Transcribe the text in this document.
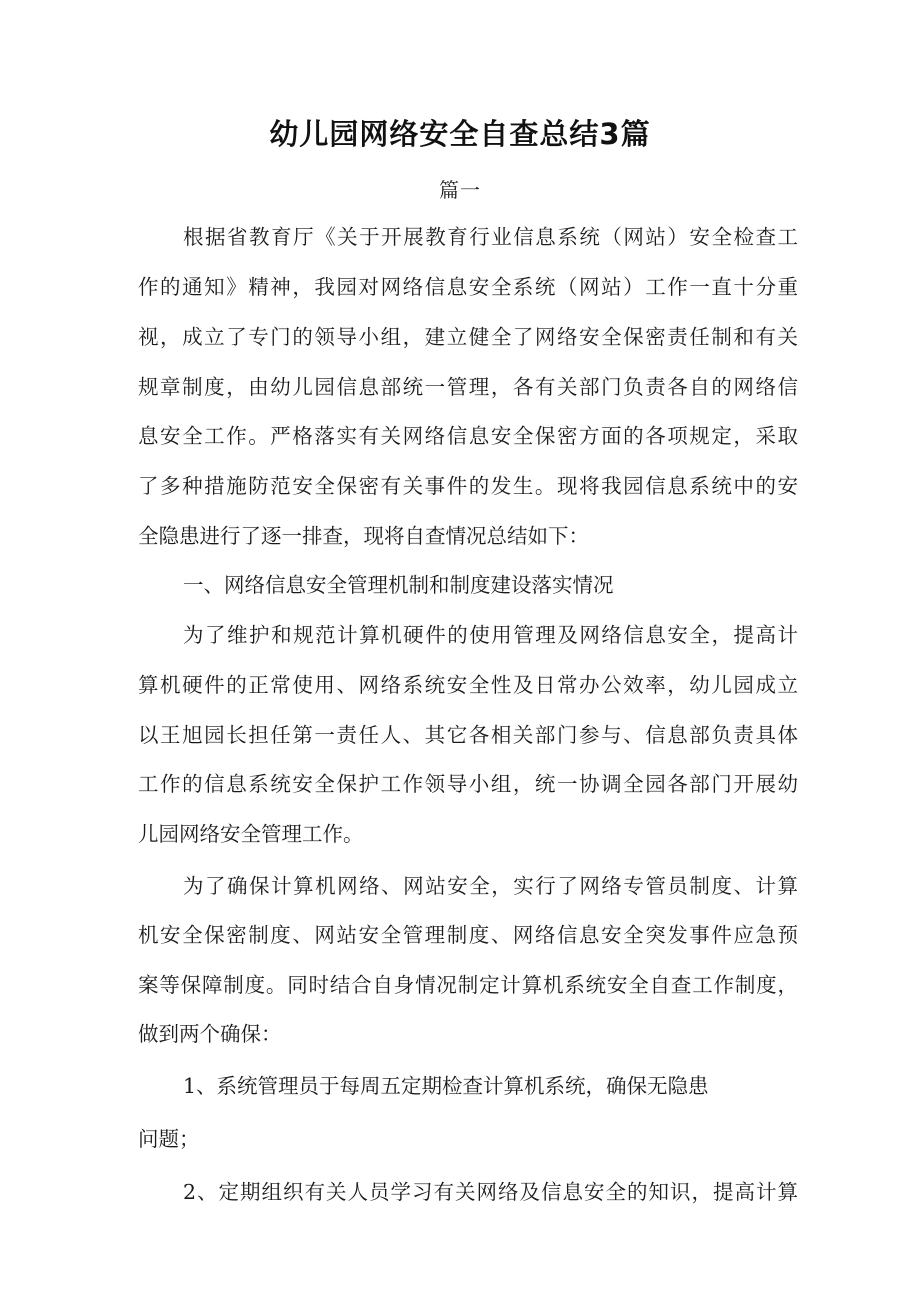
幼儿园网络安全自查总结3篇
篇一
根据省教育厅《关于开展教育行业信息系统（网站）安全检查工
作的通知》精神，我园对网络信息安全系统（网站）工作一直十分重
视，成立了专门的领导小组，建立健全了网络安全保密责任制和有关
规章制度，由幼儿园信息部统一管理，各有关部门负责各自的网络信
息安全工作。严格落实有关网络信息安全保密方面的各项规定，采取
了多种措施防范安全保密有关事件的发生。现将我园信息系统中的安
全隐患进行了逐一排查，现将自查情况总结如下：
一、网络信息安全管理机制和制度建设落实情况
为了维护和规范计算机硬件的使用管理及网络信息安全，提高计
算机硬件的正常使用、网络系统安全性及日常办公效率，幼儿园成立
以王旭园长担任第一责任人、其它各相关部门参与、信息部负责具体
工作的信息系统安全保护工作领导小组，统一协调全园各部门开展幼
儿园网络安全管理工作。
为了确保计算机网络、网站安全，实行了网络专管员制度、计算
机安全保密制度、网站安全管理制度、网络信息安全突发事件应急预
案等保障制度。同时结合自身情况制定计算机系统安全自查工作制度，
做到两个确保：
1、系统管理员于每周五定期检查计算机系统，确保无隐患
问题；
2、定期组织有关人员学习有关网络及信息安全的知识，提高计算
